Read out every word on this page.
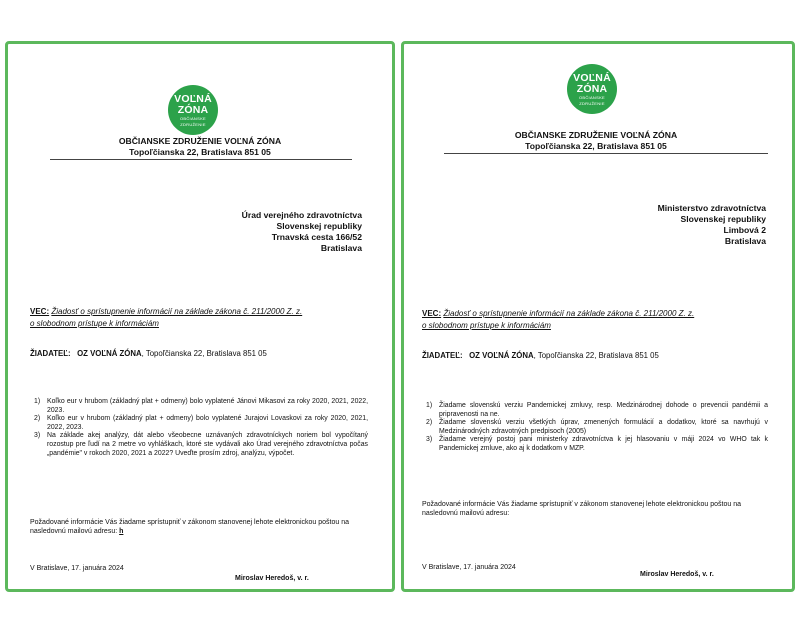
VOĽNÁ
ZÓNA
OBČIANSKE ZDRUŽENIE
OBČIANSKE ZDRUŽENIE VOĽNÁ ZÓNA
Topoľčianska 22, Bratislava 851 05
Úrad verejného zdravotníctva
Slovenskej republiky
Trnavská cesta 166/52
Bratislava
VEC: Žiadosť o sprístupnenie informácií na základe zákona č. 211/2000 Z. z.
o slobodnom prístupe k informáciám
ŽIADATEĽ: OZ VOĽNÁ ZÓNA, Topoľčianska 22, Bratislava 851 05
1) Koľko eur v hrubom (základný plat + odmeny) bolo vyplatené Jánovi Mikasovi za roky 2020, 2021, 2022, 2023.
2) Koľko eur v hrubom (základný plat + odmeny) bolo vyplatené Jurajovi Lovaskovi za roky 2020, 2021, 2022, 2023.
3) Na základe akej analýzy, dát alebo všeobecne uznávaných zdravotníckych noriem bol vypočítaný rozostup pre ľudí na 2 metre vo vyhláškach, ktoré ste vydávali ako Úrad verejného zdravotníctva počas „pandémie" v rokoch 2020, 2021 a 2022? Uveďte prosím zdroj, analýzu, výpočet.
Požadované informácie Vás žiadame sprístupniť v zákonom stanovenej lehote elektronickou poštou na nasledovnú mailovú adresu: h
V Bratislave, 17. januára 2024
Miroslav Heredoš, v. r.
VOĽNÁ
ZÓNA
OBČIANSKE ZDRUŽENIE
OBČIANSKE ZDRUŽENIE VOĽNÁ ZÓNA
Topoľčianska 22, Bratislava 851 05
Ministerstvo zdravotníctva
Slovenskej republiky
Limbová 2
Bratislava
VEC: Žiadosť o sprístupnenie informácií na základe zákona č. 211/2000 Z. z.
o slobodnom prístupe k informáciám
ŽIADATEĽ: OZ VOĽNÁ ZÓNA, Topoľčianska 22, Bratislava 851 05
1) Žiadame slovenskú verziu Pandemickej zmluvy, resp. Medzinárodnej dohode o prevencii pandémii a pripravenosti na ne.
2) Žiadame slovenskú verziu všetkých úprav, zmenených formulácií a dodatkov, ktoré sa navrhujú v Medzinárodných zdravotných predpisoch (2005)
3) Žiadame verejný postoj pani ministerky zdravotníctva k jej hlasovaniu v máji 2024 vo WHO tak k Pandemickej zmluve, ako aj k dodatkom v MZP.
Požadované informácie Vás žiadame sprístupniť v zákonom stanovenej lehote elektronickou poštou na nasledovnú mailovú adresu:
V Bratislave, 17. januára 2024
Miroslav Heredoš, v. r.
